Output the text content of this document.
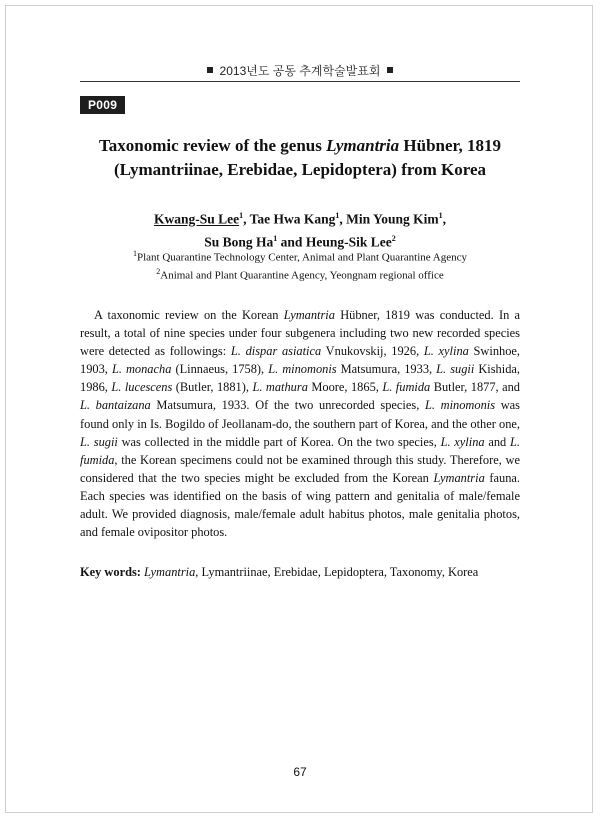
2013년도 공동 추계학술발표회
P009
Taxonomic review of the genus Lymantria Hübner, 1819
(Lymantriinae, Erebidae, Lepidoptera) from Korea
Kwang-Su Lee$^1$, Tae Hwa Kang$^1$, Min Young Kim$^1$,
Su Bong Ha$^1$ and Heung-Sik Lee$^2$
$^1$Plant Quarantine Technology Center, Animal and Plant Quarantine Agency
$^2$Animal and Plant Quarantine Agency, Yeongnam regional office

A taxonomic review on the Korean Lymantria Hübner, 1819 was conducted. In a result, a total of nine species under four subgenera including two new recorded species were detected as followings: L. dispar asiatica Vnukovskij, 1926, L. xylina Swinhoe, 1903, L. monacha (Linnaeus, 1758), L. minomonis Matsumura, 1933, L. sugii Kishida, 1986, L. lucescens (Butler, 1881), L. mathura Moore, 1865, L. fumida Butler, 1877, and L. bantaizana Matsumura, 1933. Of the two unrecorded species, L. minomonis was found only in Is. Bogildo of Jeollanam-do, the southern part of Korea, and the other one, L. sugii was collected in the middle part of Korea. On the two species, L. xylina and L. fumida, the Korean specimens could not be examined through this study. Therefore, we considered that the two species might be excluded from the Korean Lymantria fauna. Each species was identified on the basis of wing pattern and genitalia of male/female adult. We provided diagnosis, male/female adult habitus photos, male genitalia photos, and female ovipositor photos.

Key words: Lymantria, Lymantriinae, Erebidae, Lepidoptera, Taxonomy, Korea
67
